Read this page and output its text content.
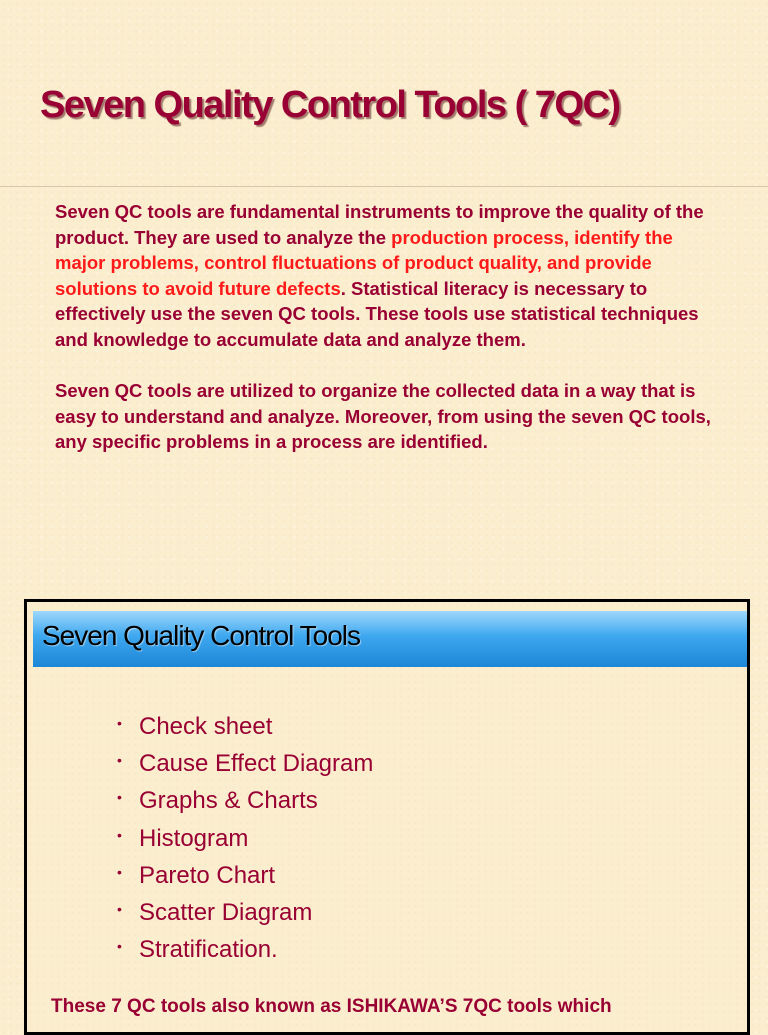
Seven Quality Control Tools ( 7QC)

Seven QC tools are fundamental instruments to improve the quality of the product. They are used to analyze the production process, identify the major problems, control fluctuations of product quality, and provide solutions to avoid future defects. Statistical literacy is necessary to effectively use the seven QC tools. These tools use statistical techniques and knowledge to accumulate data and analyze them.

Seven QC tools are utilized to organize the collected data in a way that is easy to understand and analyze. Moreover, from using the seven QC tools, any specific problems in a process are identified.

Seven Quality Control Tools
• Check sheet
• Cause Effect Diagram
• Graphs & Charts
• Histogram
• Pareto Chart
• Scatter Diagram
• Stratification.
These 7 QC tools also known as ISHIKAWA’S 7QC tools which
